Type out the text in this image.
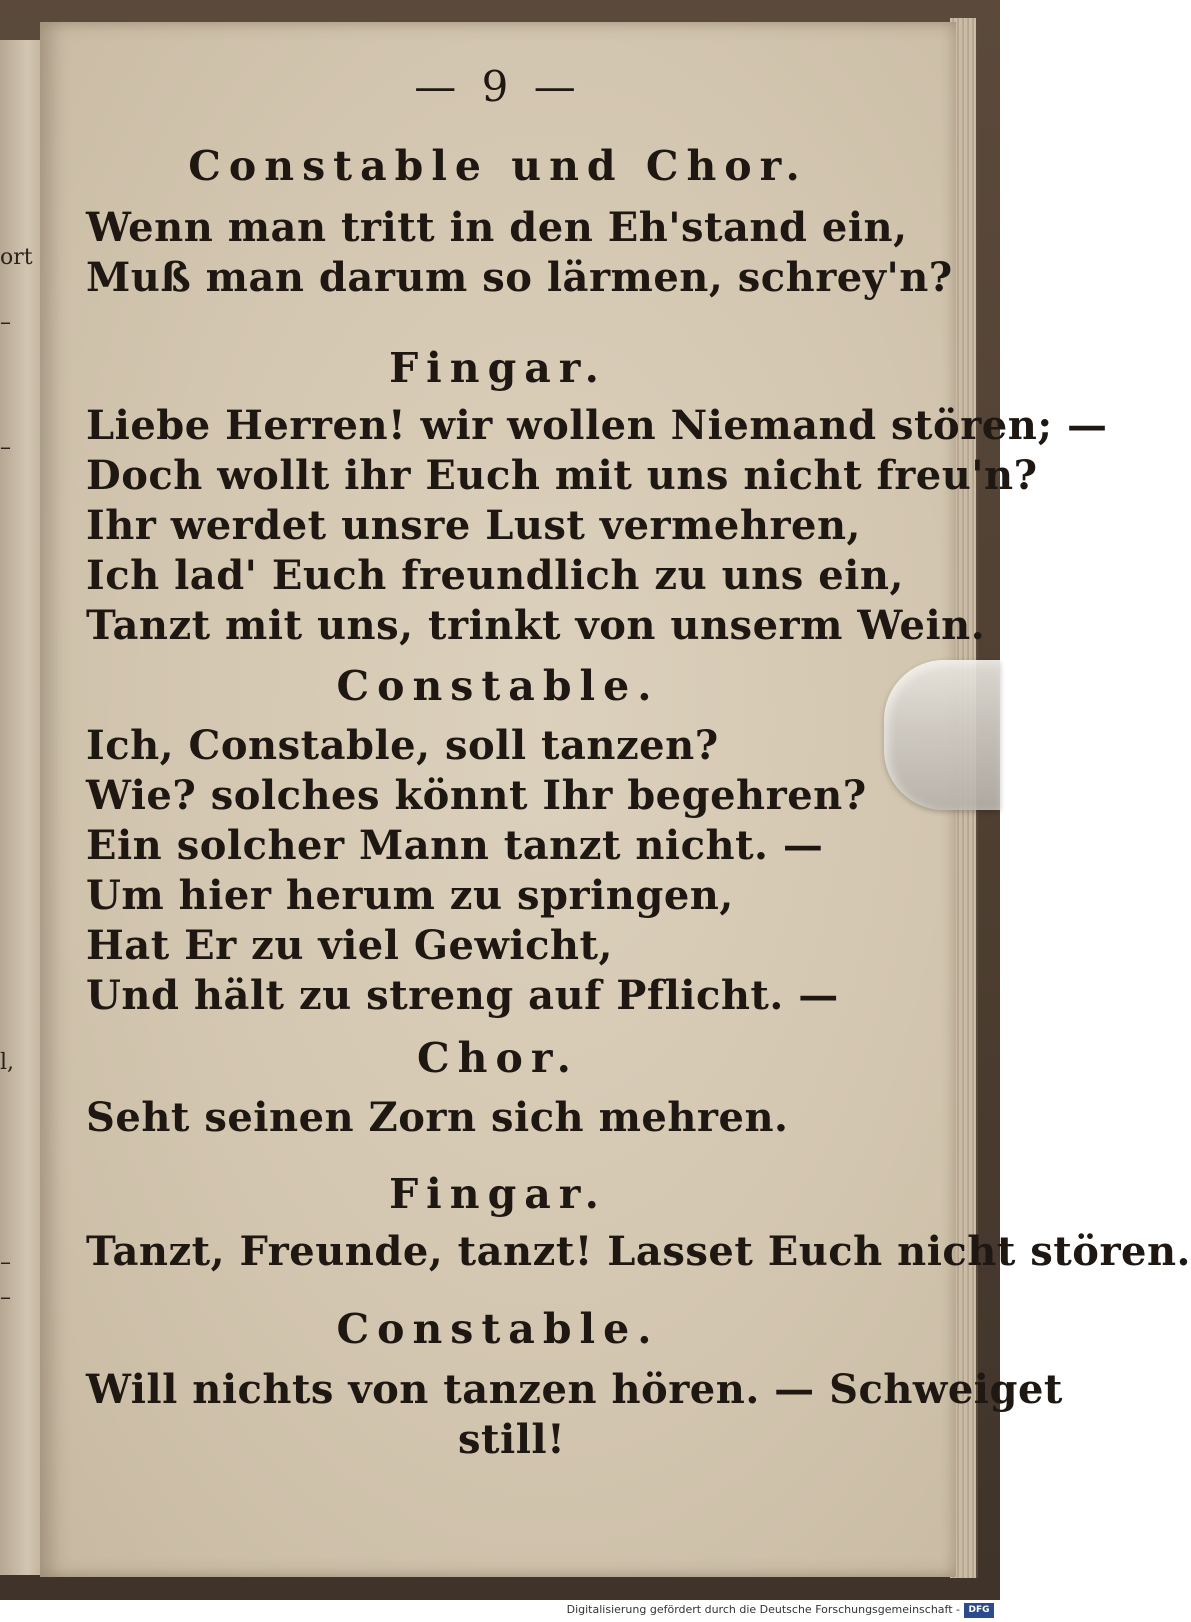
ort
–
–
l,
–
–
— 9 —
Constable und Chor.
Wenn man tritt in den Eh'stand ein,
Muß man darum so lärmen, schrey'n?
Fingar.
Liebe Herren! wir wollen Niemand stören; —
Doch wollt ihr Euch mit uns nicht freu'n?
Ihr werdet unsre Lust vermehren,
Ich lad' Euch freundlich zu uns ein,
Tanzt mit uns, trinkt von unserm Wein.
Constable.
Ich, Constable, soll tanzen?
Wie? solches könnt Ihr begehren?
Ein solcher Mann tanzt nicht. —
Um hier herum zu springen,
Hat Er zu viel Gewicht,
Und hält zu streng auf Pflicht. —
Chor.
Seht seinen Zorn sich mehren.
Fingar.
Tanzt, Freunde, tanzt! Lasset Euch nicht stören.
Constable.
Will nichts von tanzen hören. — Schweiget
still!
Digitalisierung gefördert durch die Deutsche Forschungsgemeinschaft - DFG
